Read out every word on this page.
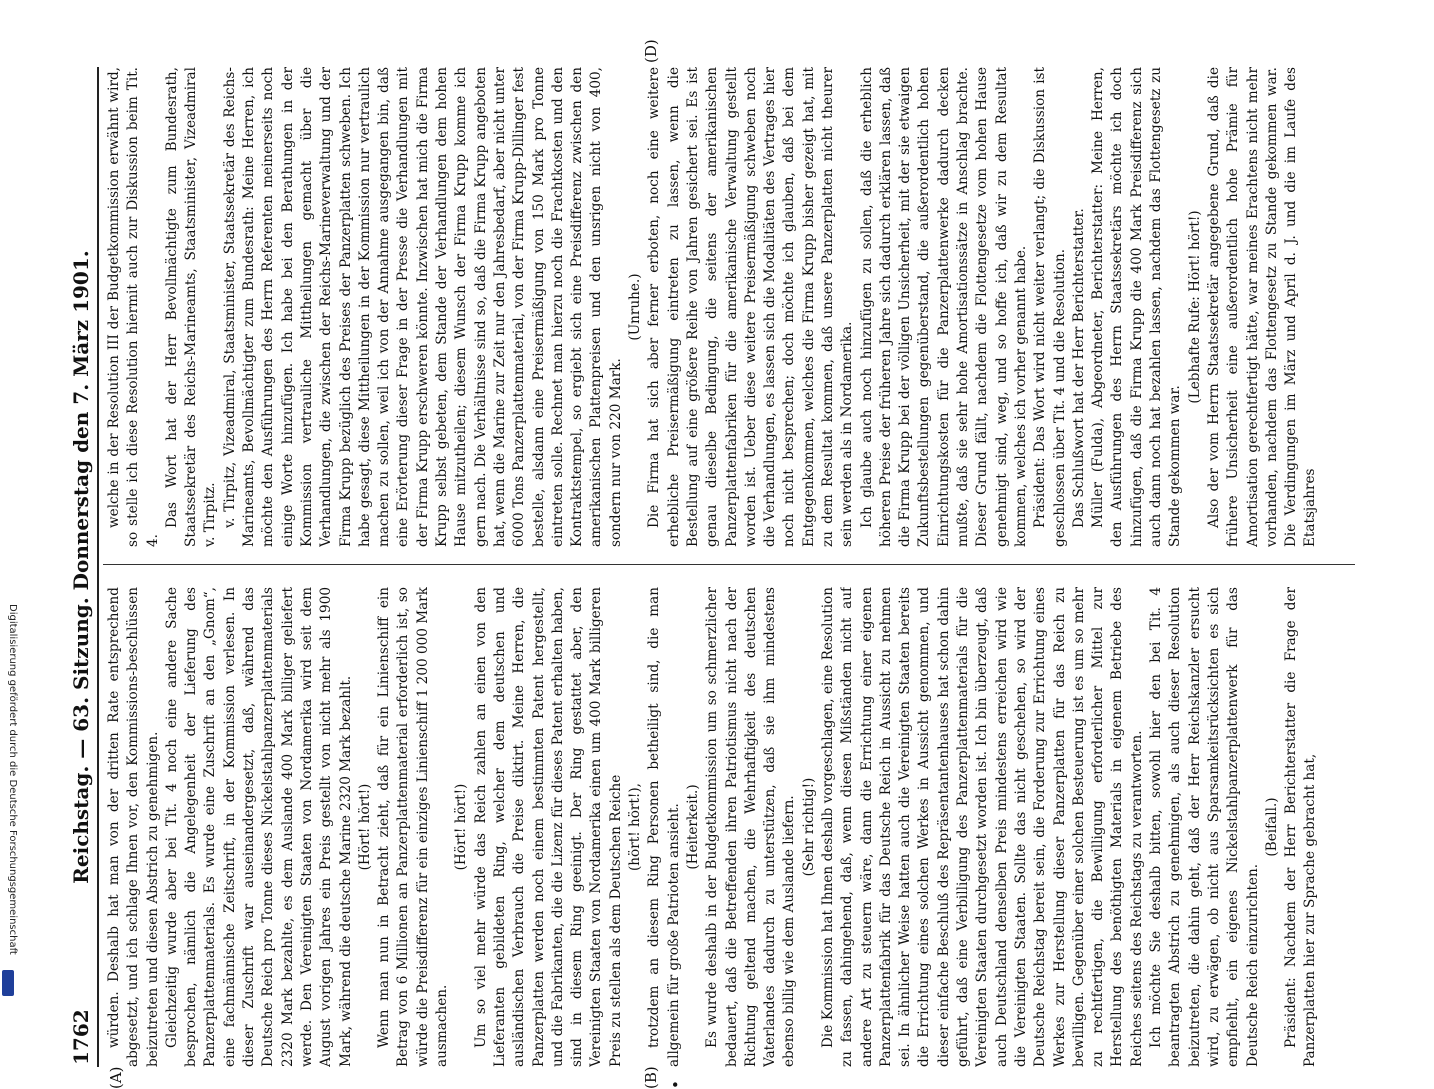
1762
Reichstag. — 63. Sitzung. Donnerstag den 7. März 1901.
(A)	(B) •
(D)

würden. Deshalb hat man von der dritten Rate entsprechend abgesetzt, und ich schlage Ihnen vor, den Kommissions-beschlüssen beizutreten und diesen Abstrich zu genehmigen. Gleichzeitig wurde aber bei Tit. 4 noch eine andere Sache besprochen, nämlich die Angelegenheit der Lieferung des Panzerplattenmaterials. Es wurde eine Zuschrift an den „Gnom“, eine fachmännische Zeitschrift, in der Kommission verlesen. In dieser Zuschrift war auseinandergesetzt, daß, während das Deutsche Reich pro Tonne dieses Nickelstahlpanzerplattenmaterials 2320 Mark bezahlte, es dem Auslande 400 Mark billiger geliefert werde. Den Vereinigten Staaten von Nordamerika wird seit dem August vorigen Jahres ein Preis gestellt von nicht mehr als 1900 Mark, während die deutsche Marine 2320 Mark bezahlt. (Hört! hört!) Wenn man nun in Betracht zieht, daß für ein Linienschiff ein Betrag von 6 Millionen an Panzerplattenmaterial erforderlich ist, so würde die Preisdifferenz für ein einziges Linienschiff 1 200 000 Mark ausmachen.

(Hört! hört!) Um so viel mehr würde das Reich zahlen an einen von den Lieferanten gebildeten Ring, welcher dem deutschen und ausländischen Verbrauch die Preise diktirt. Meine Herren, die Panzerplatten werden noch einem bestimmten Patent hergestellt, und die Fabrikanten, die die Lizenz für dieses Patent erhalten haben, sind in diesem Ring geeinigt. Der Ring gestattet aber, den Vereinigten Staaten von Nordamerika einen um 400 Mark billigeren Preis zu stellen als dem Deutschen Reiche (hört! hört!), trotzdem an diesem Ring Personen betheiligt sind, die man allgemein für große Patrioten ansieht. (Heiterkeit.) Es wurde deshalb in der Budgetkommission um so schmerzlicher bedauert, daß die Betreffenden ihren Patriotismus nicht nach der Richtung geltend machen, die Wehrhaftigkeit des deutschen Vaterlandes dadurch zu unterstützen, daß sie ihm mindestens ebenso billig wie dem Auslande liefern. (Sehr richtig!) Die Kommission hat Ihnen deshalb vorgeschlagen, eine Resolution zu fassen, dahingehend, daß, wenn diesen Mißständen nicht auf andere Art zu steuern wäre, dann die Errichtung einer eigenen Panzerplattenfabrik für das Deutsche Reich in Aussicht zu nehmen sei. In ähnlicher Weise hatten auch die Vereinigten Staaten bereits die Errichtung eines solchen Werkes in Aussicht genommen, und dieser einfache Beschluß des Repräsentantenhauses hat schon dahin geführt, daß eine Verbilligung des Panzerplattenmaterials für die Vereinigten Staaten durchgesetzt worden ist. Ich bin überzeugt, daß auch Deutschland denselben Preis mindestens erreichen wird wie die Vereinigten Staaten. Sollte das nicht geschehen, so wird der Deutsche Reichstag bereit sein, die Forderung zur Errichtung eines Werkes zur Herstellung dieser Panzerplatten für das Reich zu bewilligen. Gegenüber einer solchen Besteuerung ist es um so mehr zu rechtfertigen, die Bewilligung erforderlicher Mittel zur Herstellung des benöthigten Materials in eigenem Betriebe des Reiches seitens des Reichstags zu verantworten. Ich möchte Sie deshalb bitten, sowohl hier den bei Tit. 4 beantragten Abstrich zu genehmigen, als auch dieser Resolution beizutreten, die dahin geht, daß der Herr Reichskanzler ersucht wird, zu erwägen, ob nicht aus Sparsamkeitsrücksichten es sich empfiehlt, ein eigenes Nickelstahlpanzerplattenwerk für das Deutsche Reich einzurichten.

(Beifall.) Präsident: Nachdem der Herr Berichterstatter die Frage der Panzerplatten hier zur Sprache gebracht hat,

welche in der Resolution III der Budgetkommission erwähnt wird, so stelle ich diese Resolution hiermit auch zur Diskussion beim Tit. 4.

Das Wort hat der Herr Bevollmächtigte zum Bundesrath, Staatssekretär des Reichs-Marineamts, Staatsminister, Vizeadmiral v. Tirpitz. v. Tirpitz, Vizeadmiral, Staatsminister, Staatssekretär des Reichs-Marineamts, Bevollmächtigter zum Bundesrath: Meine Herren, ich möchte den Ausführungen des Herrn Referenten meinerseits noch einige Worte hinzufügen. Ich habe bei den Berathungen in der Kommission vertrauliche Mittheilungen gemacht über die Verhandlungen, die zwischen der Reichs-Marineverwaltung und der Firma Krupp bezüglich des Preises der Panzerplatten schweben. Ich habe gesagt, diese Mittheilungen in der Kommission nur vertraulich machen zu sollen, weil ich von der Annahme ausgegangen bin, daß eine Erörterung dieser Frage in der Presse die Verhandlungen mit der Firma Krupp erschweren könnte. Inzwischen hat mich die Firma Krupp selbst gebeten, dem Stande der Verhandlungen dem hohen Hause mitzutheilen; diesem Wunsch der Firma Krupp komme ich gern nach. Die Verhältnisse sind so, daß die Firma Krupp angeboten hat, wenn die Marine zur Zeit nur den Jahresbedarf, aber nicht unter 6000 Tons Panzerplattenmaterial, von der Firma Krupp-Dillinger fest bestelle, alsdann eine Preisermäßigung von 150 Mark pro Tonne eintreten solle. Rechnet man hierzu noch die Frachtkosten und den Kontraktstempel, so ergiebt sich eine Preisdifferenz zwischen den amerikanischen Plattenpreisen und den unsrigen nicht von 400, sondern nur von 220 Mark.

(Unruhe.) Die Firma hat sich aber ferner erboten, noch eine weitere erhebliche Preisermäßigung eintreten zu lassen, wenn die Bestellung auf eine größere Reihe von Jahren gesichert sei. Es ist genau dieselbe Bedingung, die seitens der amerikanischen Panzerplattenfabriken für die amerikanische Verwaltung gestellt worden ist. Ueber diese weitere Preisermäßigung schweben noch die Verhandlungen, es lassen sich die Modalitäten des Vertrages hier noch nicht besprechen; doch möchte ich glauben, daß bei dem Entgegenkommen, welches die Firma Krupp bisher gezeigt hat, mit zu dem Resultat kommen, daß unsere Panzerplatten nicht theurer sein werden als in Nordamerika. Ich glaube auch noch hinzufügen zu sollen, daß die erheblich höheren Preise der früheren Jahre sich dadurch erklären lassen, daß die Firma Krupp bei der völligen Unsicherheit, mit der sie etwaigen Zukunftsbestellungen gegenüberstand, die außerordentlich hohen Einrichtungskosten für die Panzerplattenwerke dadurch decken mußte, daß sie sehr hohe Amortisationssätze in Anschlag brachte. Dieser Grund fällt, nachdem die Flottengesetze vom hohen Hause genehmigt sind, weg, und so hoffe ich, daß wir zu dem Resultat kommen, welches ich vorher genannt habe. Präsident: Das Wort wird nicht weiter verlangt; die Diskussion ist geschlossen über Tit. 4 und die Resolution. Das Schlußwort hat der Herr Berichterstatter. Müller (Fulda), Abgeordneter, Berichterstatter: Meine Herren, den Ausführungen des Herrn Staatssekretärs möchte ich doch hinzufügen, daß die Firma Krupp die 400 Mark Preisdifferenz sich auch dann noch hat bezahlen lassen, nachdem das Flottengesetz zu Stande gekommen war.

(Lebhafte Rufe: Hört! hört!) Also der vom Herrn Staatssekretär angegebene Grund, daß die frühere Unsicherheit eine außerordentlich hohe Prämie für Amortisation gerechtfertigt hätte, war meines Erachtens nicht mehr vorhanden, nachdem das Flottengesetz zu Stande gekommen war. Die Verdingungen im März und April d. J. und die im Laufe des Etatsjahres

Digitalisierung gefördert durch die Deutsche Forschungsgemeinschaft
